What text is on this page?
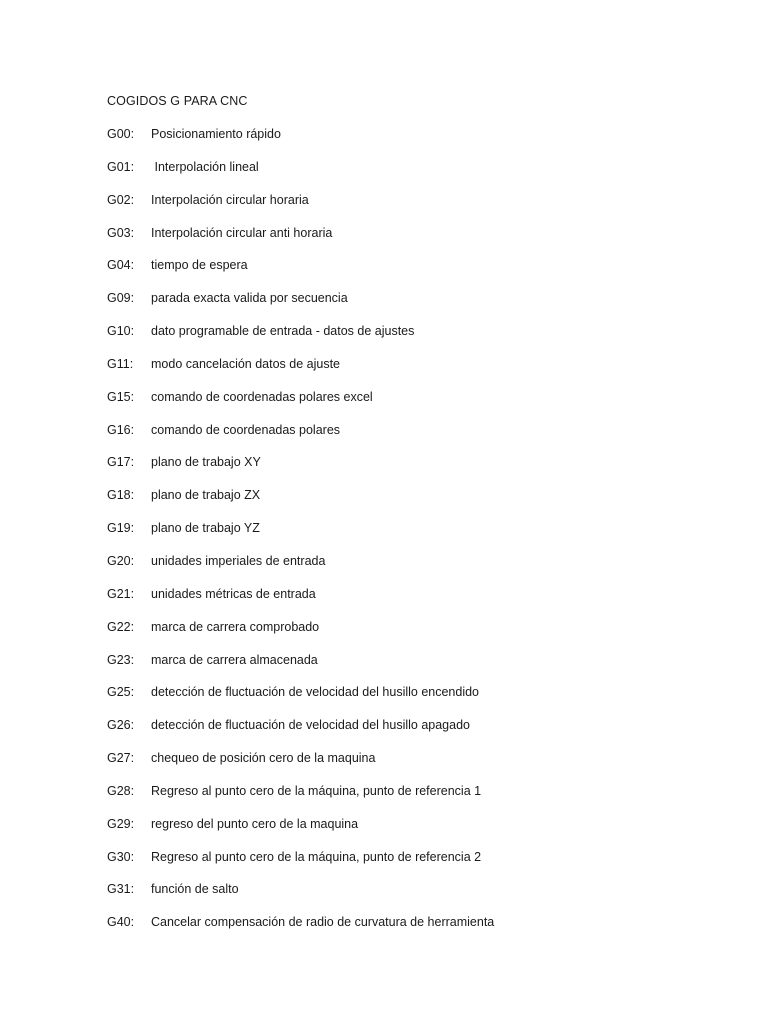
COGIDOS G PARA CNC
G00:	Posicionamiento rápido
G01:	Interpolación lineal
G02:	Interpolación circular horaria
G03:	Interpolación circular anti horaria
G04:	tiempo de espera
G09:	parada exacta valida por secuencia
G10:	dato programable de entrada - datos de ajustes
G11:	modo cancelación datos de ajuste
G15:	comando de coordenadas polares excel
G16:	comando de coordenadas polares
G17:	plano de trabajo XY
G18:	plano de trabajo ZX
G19:	plano de trabajo YZ
G20:	unidades imperiales de entrada
G21:	unidades métricas de entrada
G22:	marca de carrera comprobado
G23:	marca de carrera almacenada
G25:	detección de fluctuación de velocidad del husillo encendido
G26:	detección de fluctuación de velocidad del husillo apagado
G27:	chequeo de posición cero de la maquina
G28:	Regreso al punto cero de la máquina, punto de referencia 1
G29:	regreso del punto cero de la maquina
G30:	Regreso al punto cero de la máquina, punto de referencia 2
G31:	función de salto
G40:	Cancelar compensación de radio de curvatura de herramienta
